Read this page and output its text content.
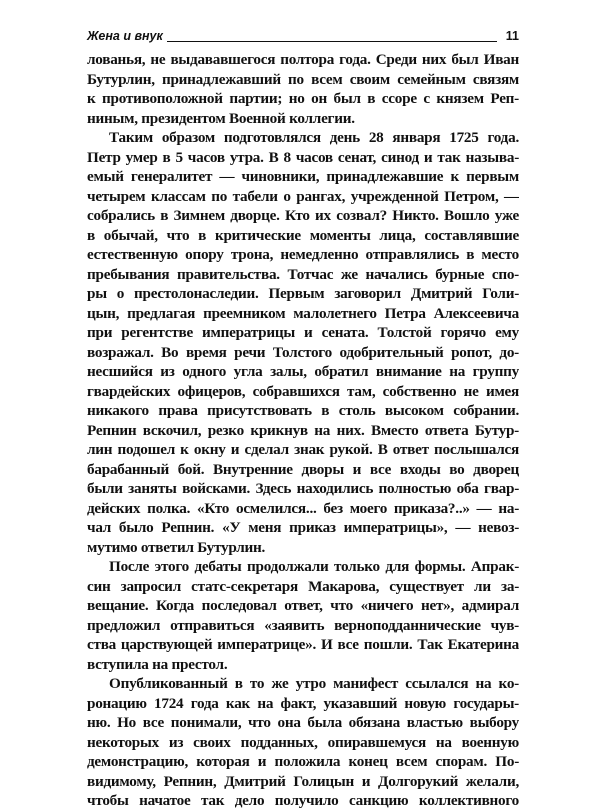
Жена и внук	11
лованья, не выдававшегося полтора года. Среди них был Иван
Бутурлин, принадлежавший по всем своим семейным связям
к противоположной партии; но он был в ссоре с князем Реп-
ниным, президентом Военной коллегии.
Таким образом подготовлялся день 28 января 1725 года.
Петр умер в 5 часов утра. В 8 часов сенат, синод и так называ-
емый генералитет — чиновники, принадлежавшие к первым
четырем классам по табели о рангах, учрежденной Петром, —
собрались в Зимнем дворце. Кто их созвал? Никто. Вошло уже
в обычай, что в критические моменты лица, составлявшие
естественную опору трона, немедленно отправлялись в место
пребывания правительства. Тотчас же начались бурные спо-
ры о престолонаследии. Первым заговорил Дмитрий Голи-
цын, предлагая преемником малолетнего Петра Алексеевича
при регентстве императрицы и сената. Толстой горячо ему
возражал. Во время речи Толстого одобрительный ропот, до-
несшийся из одного угла залы, обратил внимание на группу
гвардейских офицеров, собравшихся там, собственно не имея
никакого права присутствовать в столь высоком собрании.
Репнин вскочил, резко крикнув на них. Вместо ответа Бутур-
лин подошел к окну и сделал знак рукой. В ответ послышался
барабанный бой. Внутренние дворы и все входы во дворец
были заняты войсками. Здесь находились полностью оба гвар-
дейских полка. «Кто осмелился... без моего приказа?..» — на-
чал было Репнин. «У меня приказ императрицы», — невоз-
мутимо ответил Бутурлин.
После этого дебаты продолжали только для формы. Апрак-
син запросил статс-секретаря Макарова, существует ли за-
вещание. Когда последовал ответ, что «ничего нет», адмирал
предложил отправиться «заявить верноподданнические чув-
ства царствующей императрице». И все пошли. Так Екатерина
вступила на престол.
Опубликованный в то же утро манифест ссылался на ко-
ронацию 1724 года как на факт, указавший новую государы-
ню. Но все понимали, что она была обязана властью выбору
некоторых из своих подданных, опиравшемуся на военную
демонстрацию, которая и положила конец всем спорам. По-
видимому, Репнин, Дмитрий Голицын и Долгорукий желали,
чтобы начатое так дело получило санкцию коллективного
